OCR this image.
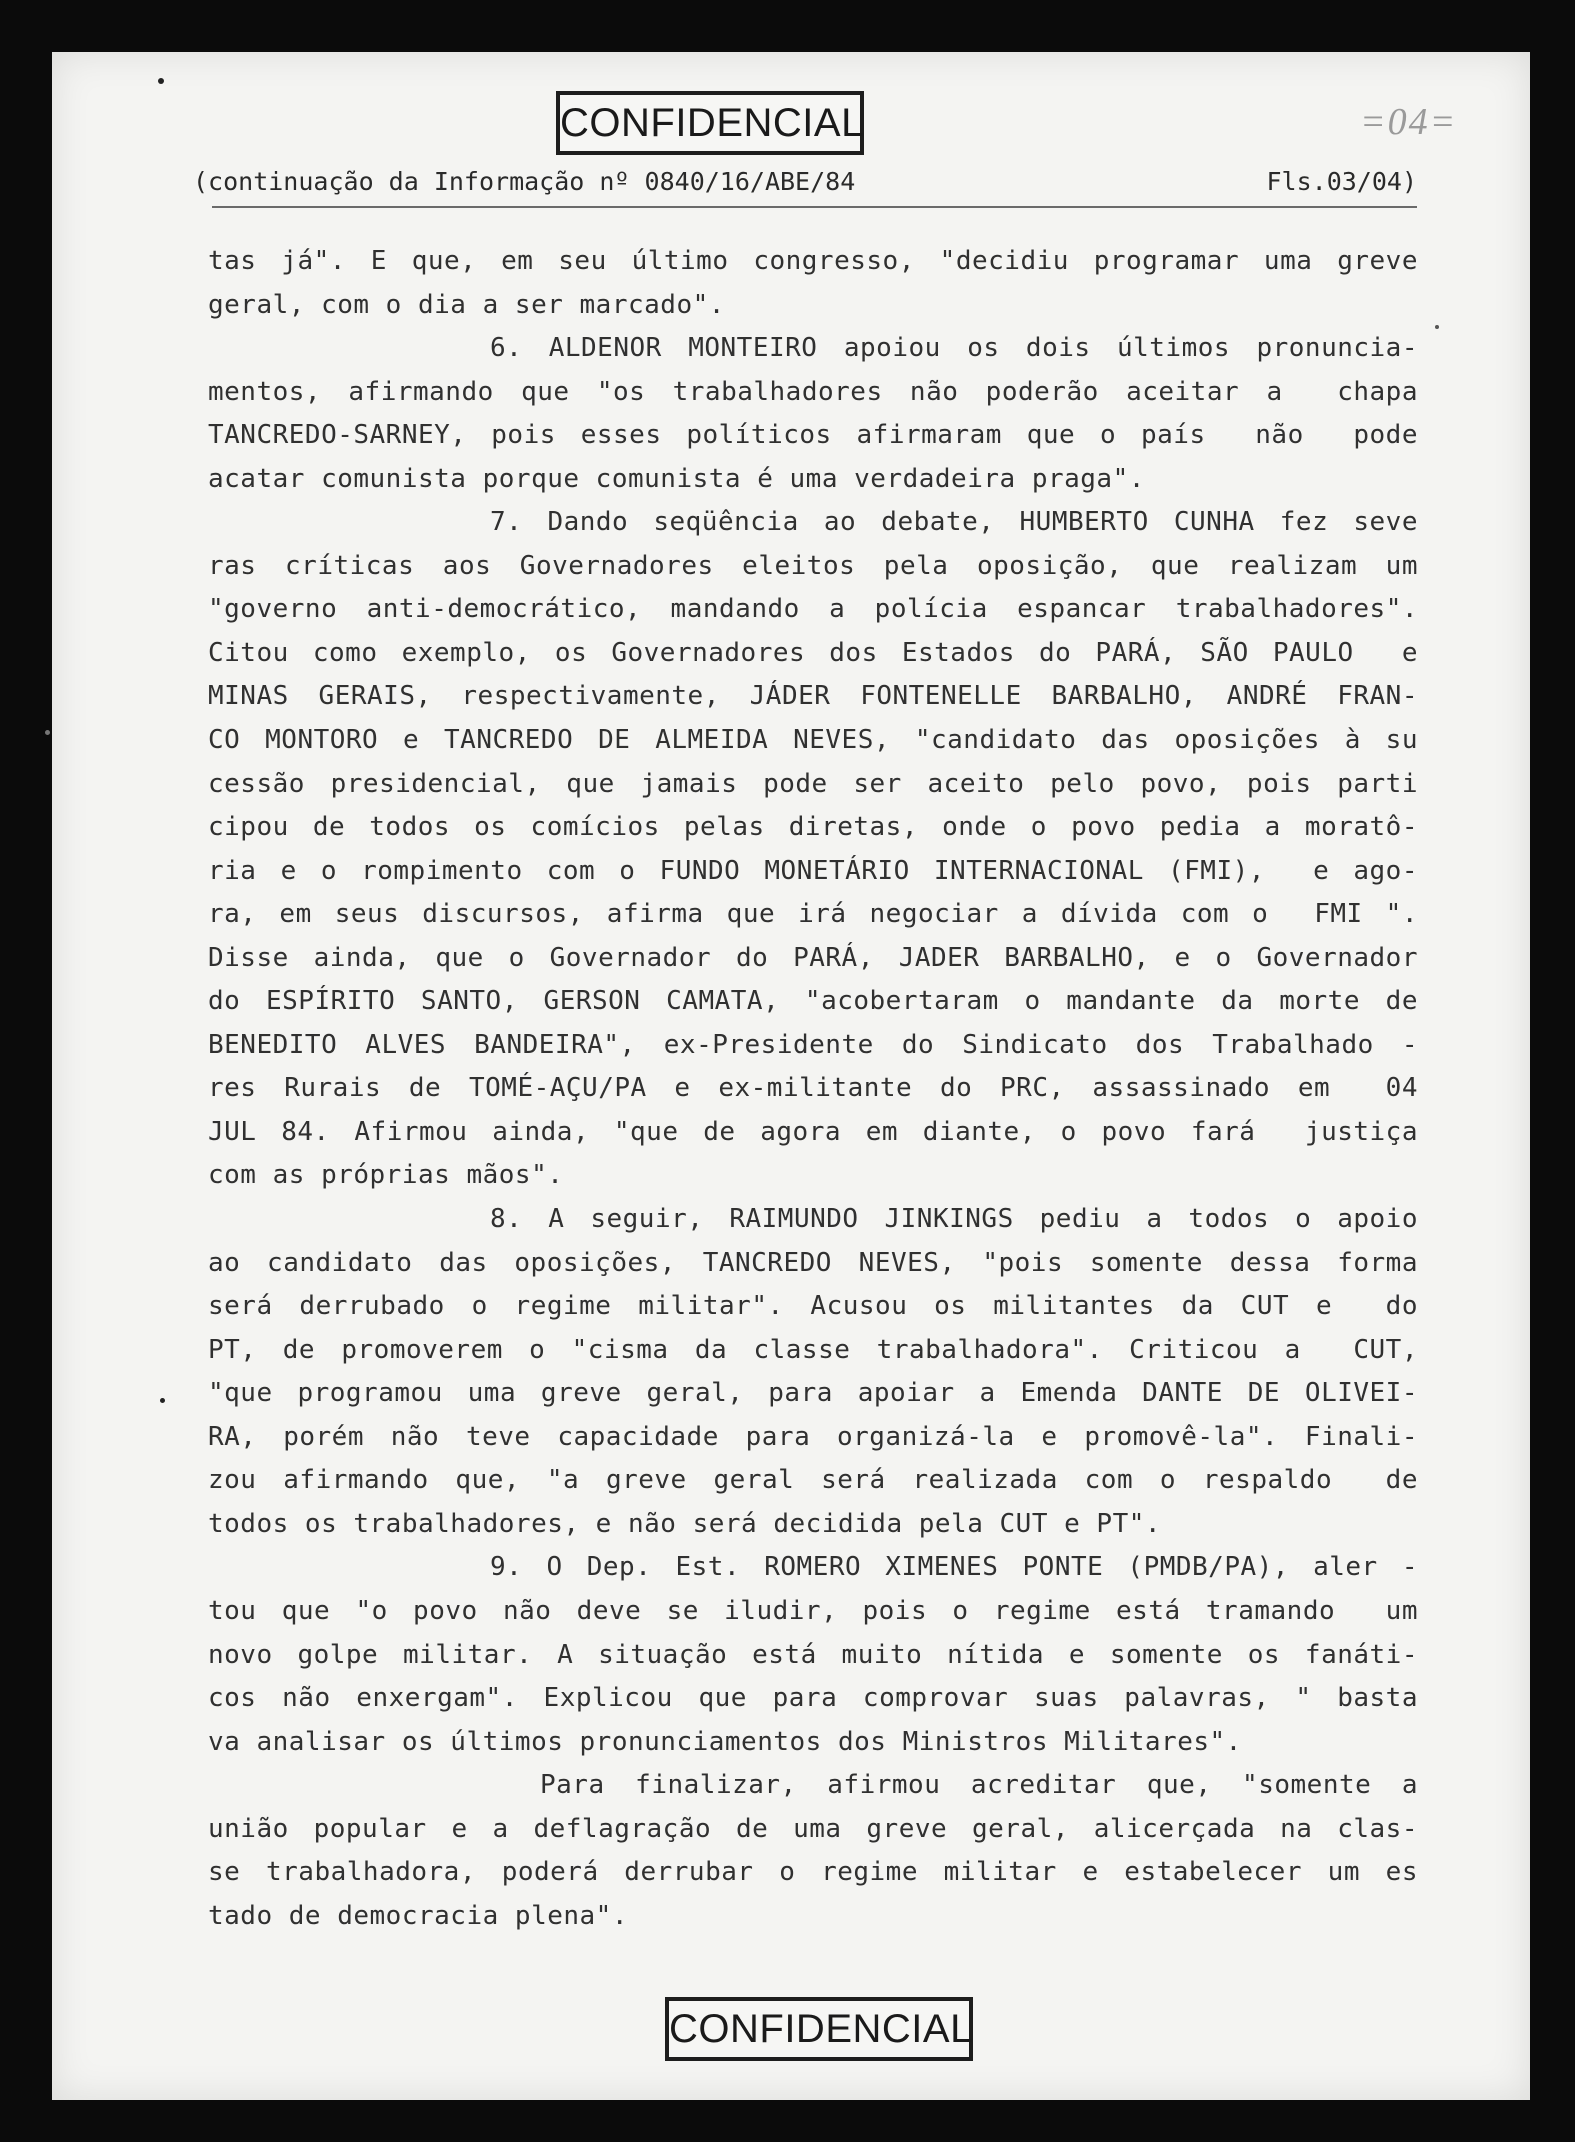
CONFIDENCIAL	=04=

(continuação da Informação nº 0840/16/ABE/84

	Fls.03/04)

tas já". E que, em seu último congresso, "decidiu programar uma greve
geral, com o dia a ser marcado".
6. ALDENOR MONTEIRO apoiou os dois últimos pronuncia-
mentos, afirmando que "os trabalhadores não poderão aceitar a  chapa
TANCREDO-SARNEY, pois esses políticos afirmaram que o país  não  pode
acatar comunista porque comunista é uma verdadeira praga".
7. Dando seqüência ao debate, HUMBERTO CUNHA fez seve
ras críticas aos Governadores eleitos pela oposição, que realizam um
"governo anti-democrático, mandando a polícia espancar trabalhadores".
Citou como exemplo, os Governadores dos Estados do PARÁ, SÃO PAULO  e
MINAS GERAIS, respectivamente, JÁDER FONTENELLE BARBALHO, ANDRÉ FRAN-
CO MONTORO e TANCREDO DE ALMEIDA NEVES, "candidato das oposições à su
cessão presidencial, que jamais pode ser aceito pelo povo, pois parti
cipou de todos os comícios pelas diretas, onde o povo pedia a moratô-
ria e o rompimento com o FUNDO MONETÁRIO INTERNACIONAL (FMI),  e ago-
ra, em seus discursos, afirma que irá negociar a dívida com o  FMI ".
Disse ainda, que o Governador do PARÁ, JADER BARBALHO, e o Governador
do ESPÍRITO SANTO, GERSON CAMATA, "acobertaram o mandante da morte de
BENEDITO ALVES BANDEIRA", ex-Presidente do Sindicato dos Trabalhado -
res Rurais de TOMÉ-AÇU/PA e ex-militante do PRC, assassinado em  04
JUL 84. Afirmou ainda, "que de agora em diante, o povo fará  justiça
com as próprias mãos".
8. A seguir, RAIMUNDO JINKINGS pediu a todos o apoio
ao candidato das oposições, TANCREDO NEVES, "pois somente dessa forma
será derrubado o regime militar". Acusou os militantes da CUT e  do
PT, de promoverem o "cisma da classe trabalhadora". Criticou a  CUT,
"que programou uma greve geral, para apoiar a Emenda DANTE DE OLIVEI-
RA, porém não teve capacidade para organizá-la e promovê-la". Finali-
zou afirmando que, "a greve geral será realizada com o respaldo  de
todos os trabalhadores, e não será decidida pela CUT e PT".
9. O Dep. Est. ROMERO XIMENES PONTE (PMDB/PA), aler -
tou que "o povo não deve se iludir, pois o regime está tramando  um
novo golpe militar. A situação está muito nítida e somente os fanáti-
cos não enxergam". Explicou que para comprovar suas palavras, " basta
va analisar os últimos pronunciamentos dos Ministros Militares".
Para finalizar, afirmou acreditar que, "somente a
união popular e a deflagração de uma greve geral, alicerçada na clas-
se trabalhadora, poderá derrubar o regime militar e estabelecer um es
tado de democracia plena".
CONFIDENCIAL
